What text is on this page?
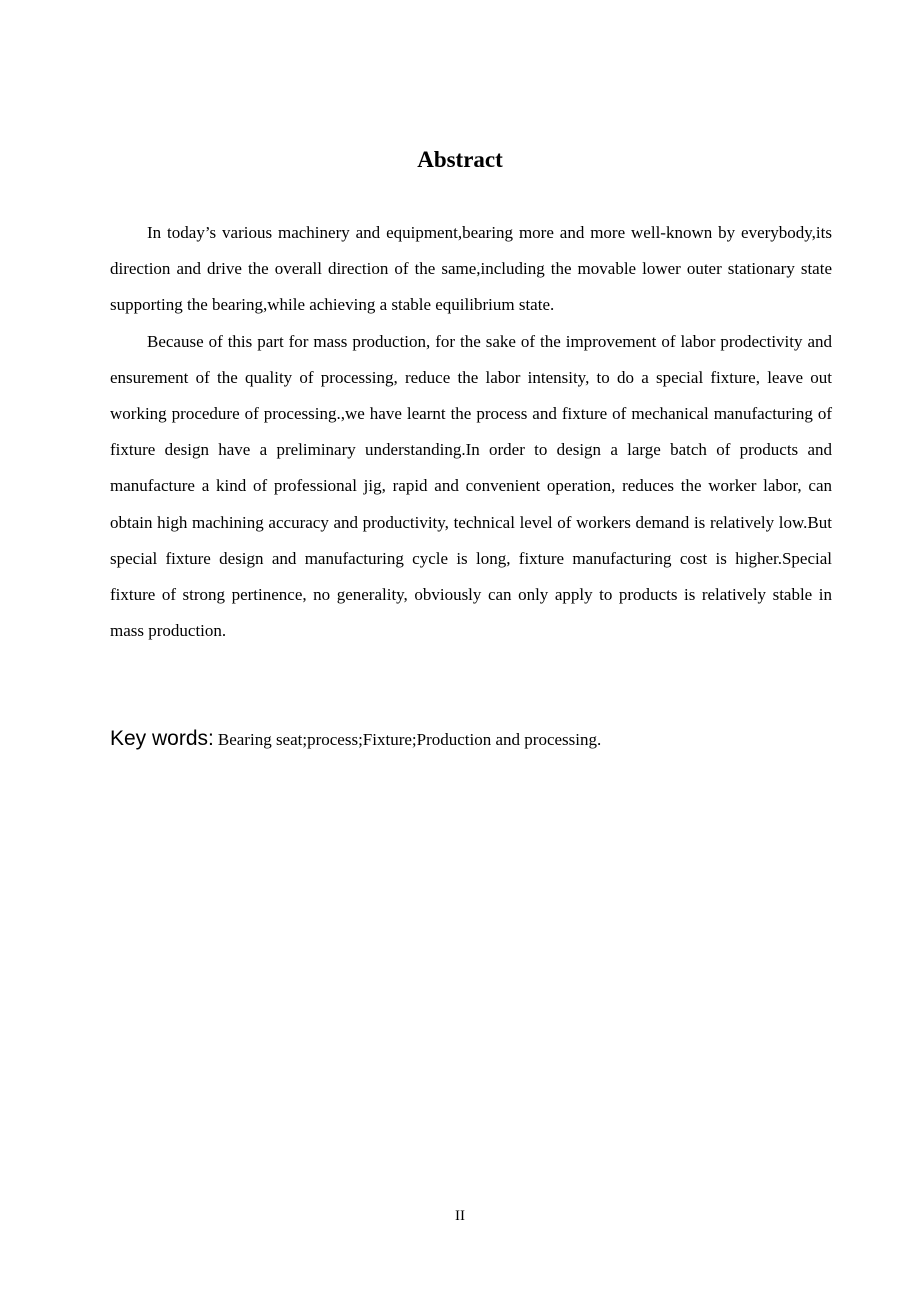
Abstract

In today’s various machinery and equipment,bearing more and more well-known by everybody,its direction and drive the overall direction of the same,including the movable lower outer stationary state supporting the bearing,while achieving a stable equilibrium state.

Because of this part for mass production, for the sake of the improvement of labor prodectivity and ensurement of the quality of processing, reduce the labor intensity, to do a special fixture, leave out working procedure of processing.,we have learnt the process and fixture of mechanical manufacturing of fixture design have a preliminary understanding.In order to design a large batch of products and manufacture a kind of professional jig, rapid and convenient operation, reduces the worker labor, can obtain high machining accuracy and productivity, technical level of workers demand is relatively low.But special fixture design and manufacturing cycle is long, fixture manufacturing cost is higher.Special fixture of strong pertinence, no generality, obviously can only apply to products is relatively stable in mass production.

Key words: Bearing seat;process;Fixture;Production and processing.
II
